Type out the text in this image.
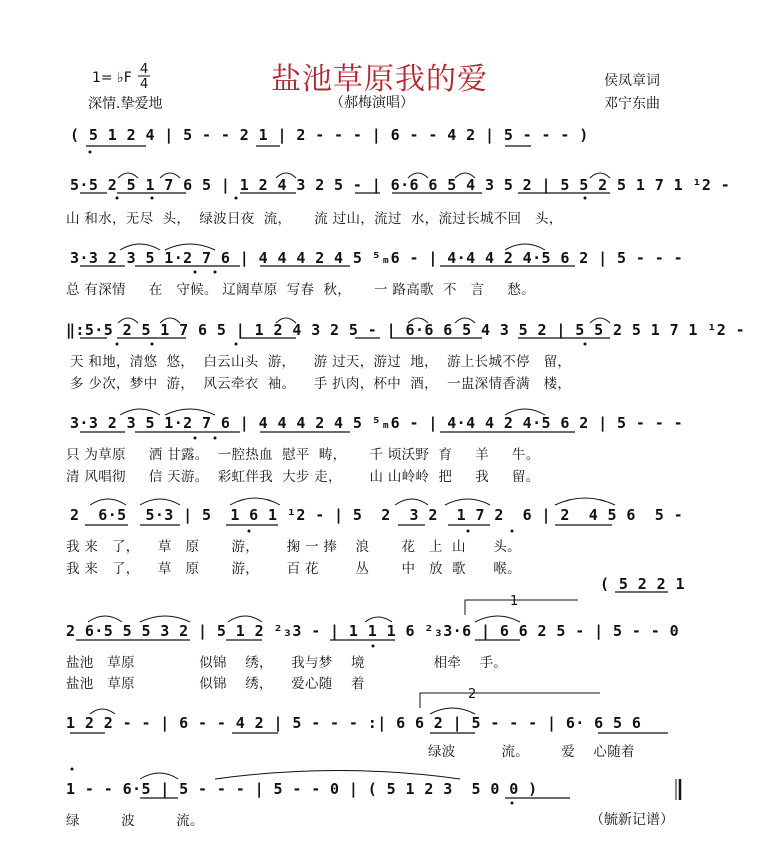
盐池草原我的爱
（郝梅演唱）
1= ♭F
4
4
深情.挚爱地
侯凤章词
邓宁东曲
( 5 1 2 4 | 5 - - 2 1 | 2 - - - | 6 - - 4 2 | 5 - - - )
5·5 2 5 1 7 6 5 | 1 2 4 3 2 5 - | 6·6 6 5 4 3 5 2 | 5 5 2 5 1 7 1 ¹2 -
山 和水，无尽  头，  绿波日夜  流，     流 过山，流过  水，流过长城不回   头，
3·3 2 3 5 1·2 7 6 | 4 4 4 2 4 5 ⁵ₘ6 - | 4·4 4 2 4·5 6 2 | 5 - - -
总 有深情     在   守候。 辽阔草原  写春  秋，     一 路高歌  不   言     愁。
‖:5·5 2 5 1 7 6 5 | 1 2 4 3 2 5 - | 6·6 6 5 4 3 5 2 | 5 5 2 5 1 7 1 ¹2 -
天 和地，清悠  悠，  白云山头  游，    游 过天，游过  地，  游上长城不停   留，
多 少次，梦中  游，  风云牵衣  袖。    手 扒肉，杯中  酒，  一盅深情香满   楼，
3·3 2 3 5 1·2 7 6 | 4 4 4 2 4 5 ⁵ₘ6 - | 4·4 4 2 4·5 6 2 | 5 - - -
只 为草原     洒 甘露。  一腔热血  慰平  畴，     千 顷沃野  育     羊     牛。
清 风唱彻     信 天游。  彩虹伴我  大步 走，      山 山岭岭  把     我     留。
2  6·5  5·3 | 5  1 6 1 ¹2 - | 5  2  3 2  1 7 2  6 | 2  4 5 6  5 -
我 来   了，    草   原       游，      掬 一 捧    浪       花   上  山      头。
我 来   了，    草   原       游，      百 花        丛       中   放  歌      喉。
( 5 2 2 1
1
2 6·5 5 5 3 2 | 5 1 2 ²₃3 - | 1 1 1 6 ²₃3·6 | 6 6 2 5 - | 5 - - 0
盐池   草原              似锦    绣，    我与梦    境               相牵    手。
盐池   草原              似锦    绣，    爱心随    着
2
1 2 2 - - | 6 - - 4 2 | 5 - - - :| 6 6 2 | 5 - - - | 6· 6 5 6
绿波          流。       爱    心随着
1 - - 6·5 | 5 - - - | 5 - - 0 | ( 5 1 2 3  5 0 0 )
绿         波         流。	（毓新记谱）
